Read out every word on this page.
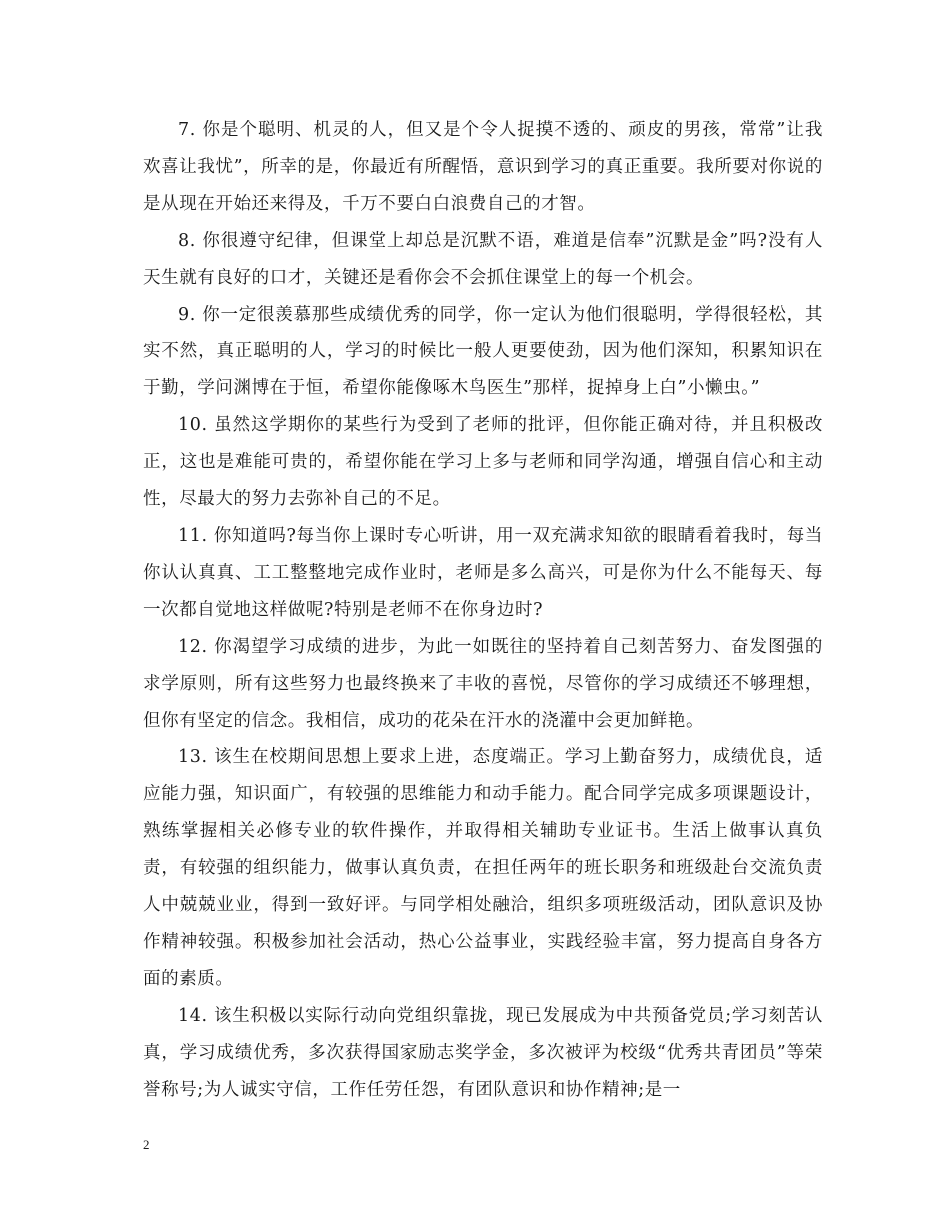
7. 你是个聪明、机灵的人，但又是个令人捉摸不透的、顽皮的男孩，常常”让我欢喜让我忧”，所幸的是，你最近有所醒悟，意识到学习的真正重要。我所要对你说的是从现在开始还来得及，千万不要白白浪费自己的才智。

8. 你很遵守纪律，但课堂上却总是沉默不语，难道是信奉”沉默是金”吗?没有人天生就有良好的口才，关键还是看你会不会抓住课堂上的每一个机会。

9. 你一定很羡慕那些成绩优秀的同学，你一定认为他们很聪明，学得很轻松，其实不然，真正聪明的人，学习的时候比一般人更要使劲，因为他们深知，积累知识在于勤，学问渊博在于恒，希望你能像啄木鸟医生”那样，捉掉身上白”小懒虫。”

10. 虽然这学期你的某些行为受到了老师的批评，但你能正确对待，并且积极改正，这也是难能可贵的，希望你能在学习上多与老师和同学沟通，增强自信心和主动性，尽最大的努力去弥补自己的不足。

11. 你知道吗?每当你上课时专心听讲，用一双充满求知欲的眼睛看着我时，每当你认认真真、工工整整地完成作业时，老师是多么高兴，可是你为什么不能每天、每一次都自觉地这样做呢?特别是老师不在你身边时?

12. 你渴望学习成绩的进步，为此一如既往的坚持着自己刻苦努力、奋发图强的求学原则，所有这些努力也最终换来了丰收的喜悦，尽管你的学习成绩还不够理想，但你有坚定的信念。我相信，成功的花朵在汗水的浇灌中会更加鲜艳。

13. 该生在校期间思想上要求上进，态度端正。学习上勤奋努力，成绩优良，适应能力强，知识面广，有较强的思维能力和动手能力。配合同学完成多项课题设计，熟练掌握相关必修专业的软件操作，并取得相关辅助专业证书。生活上做事认真负责，有较强的组织能力，做事认真负责，在担任两年的班长职务和班级赴台交流负责人中兢兢业业，得到一致好评。与同学相处融洽，组织多项班级活动，团队意识及协作精神较强。积极参加社会活动，热心公益事业，实践经验丰富，努力提高自身各方面的素质。

14. 该生积极以实际行动向党组织靠拢，现已发展成为中共预备党员;学习刻苦认真，学习成绩优秀，多次获得国家励志奖学金，多次被评为校级“优秀共青团员”等荣誉称号;为人诚实守信，工作任劳任怨，有团队意识和协作精神;是一

2
